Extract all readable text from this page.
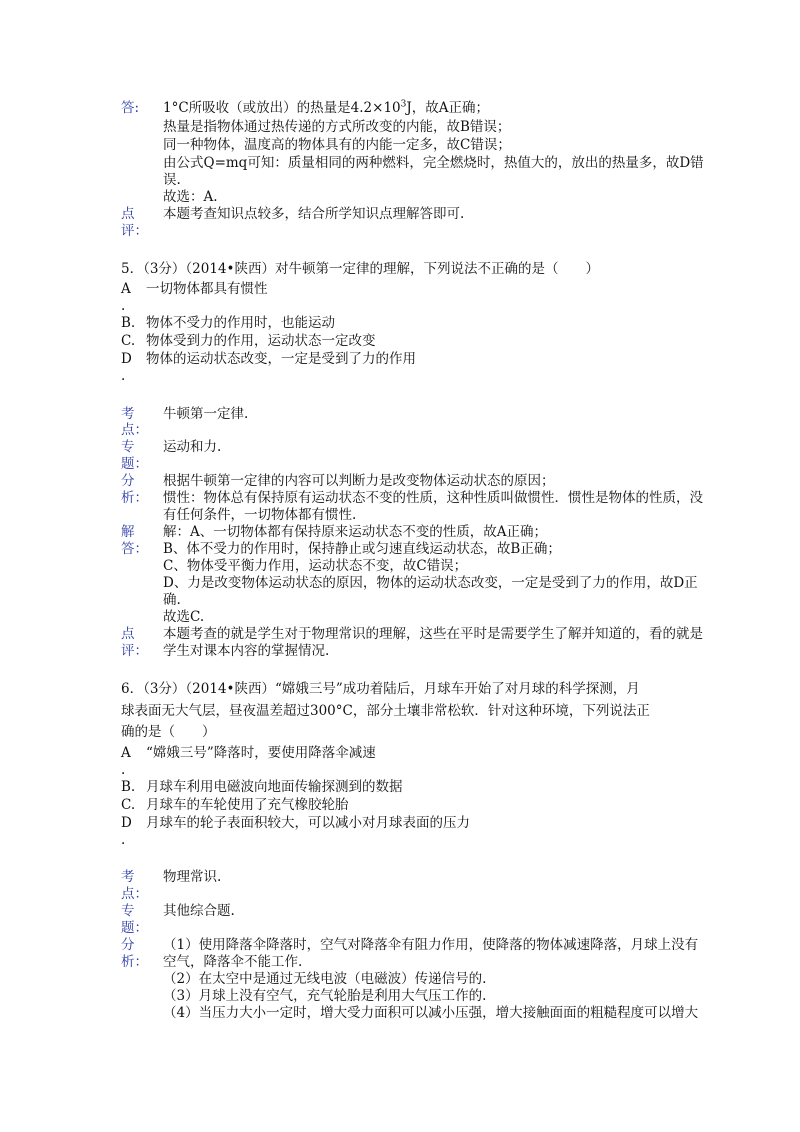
答: 1°C所吸收（或放出）的热量是$4.2\times 10^3J$，故A正确；
热量是指物体通过热传递的方式所改变的内能，故B错误；
同一种物体，温度高的物体具有的内能一定多，故C错误；
由公式Q=mq可知：质量相同的两种燃料，完全燃烧时，热值大的，放出的热量多，故D错
误.
故选：A.
点
评：
本题考查知识点较多，结合所学知识点理解答即可.
5．（3分）（2014•陕西）对牛顿第一定律的理解，下列说法不正确的是（　　）
A 一切物体都具有惯性
.
B. 物体不受力的作用时，也能运动
C. 物体受到力的作用，运动状态一定改变
D 物体的运动状态改变，一定是受到了力的作用
.
考
点：
牛顿第一定律.
专
题：
运动和力.
分
析：
根据牛顿第一定律的内容可以判断力是改变物体运动状态的原因；
惯性：物体总有保持原有运动状态不变的性质，这种性质叫做惯性．惯性是物体的性质，没
有任何条件，一切物体都有惯性.
解
答：
解：A、一切物体都有保持原来运动状态不变的性质，故A正确；
B、体不受力的作用时，保持静止或匀速直线运动状态，故B正确；
C、物体受平衡力作用，运动状态不变，故C错误；
D、力是改变物体运动状态的原因，物体的运动状态改变，一定是受到了力的作用，故D正
确.
故选C.
点
评：
本题考查的就是学生对于物理常识的理解，这些在平时是需要学生了解并知道的，看的就是
学生对课本内容的掌握情况.
6．（3分）（2014•陕西）“嫦娥三号”成功着陆后，月球车开始了对月球的科学探测，月
球表面无大气层，昼夜温差超过300°C，部分土壤非常松软．针对这种环境，下列说法正
确的是（　　）
A “嫦娥三号”降落时，要使用降落伞减速
.
B. 月球车利用电磁波向地面传输探测到的数据
C. 月球车的车轮使用了充气橡胶轮胎
D 月球车的轮子表面积较大，可以减小对月球表面的压力
.
考
点：
物理常识.
专
题：
其他综合题.
分
析：
（1）使用降落伞降落时，空气对降落伞有阻力作用，使降落的物体减速降落，月球上没有
空气，降落伞不能工作.
（2）在太空中是通过无线电波（电磁波）传递信号的.
（3）月球上没有空气，充气轮胎是利用大气压工作的.
（4）当压力大小一定时，增大受力面积可以减小压强，增大接触面面的粗糙程度可以增大
